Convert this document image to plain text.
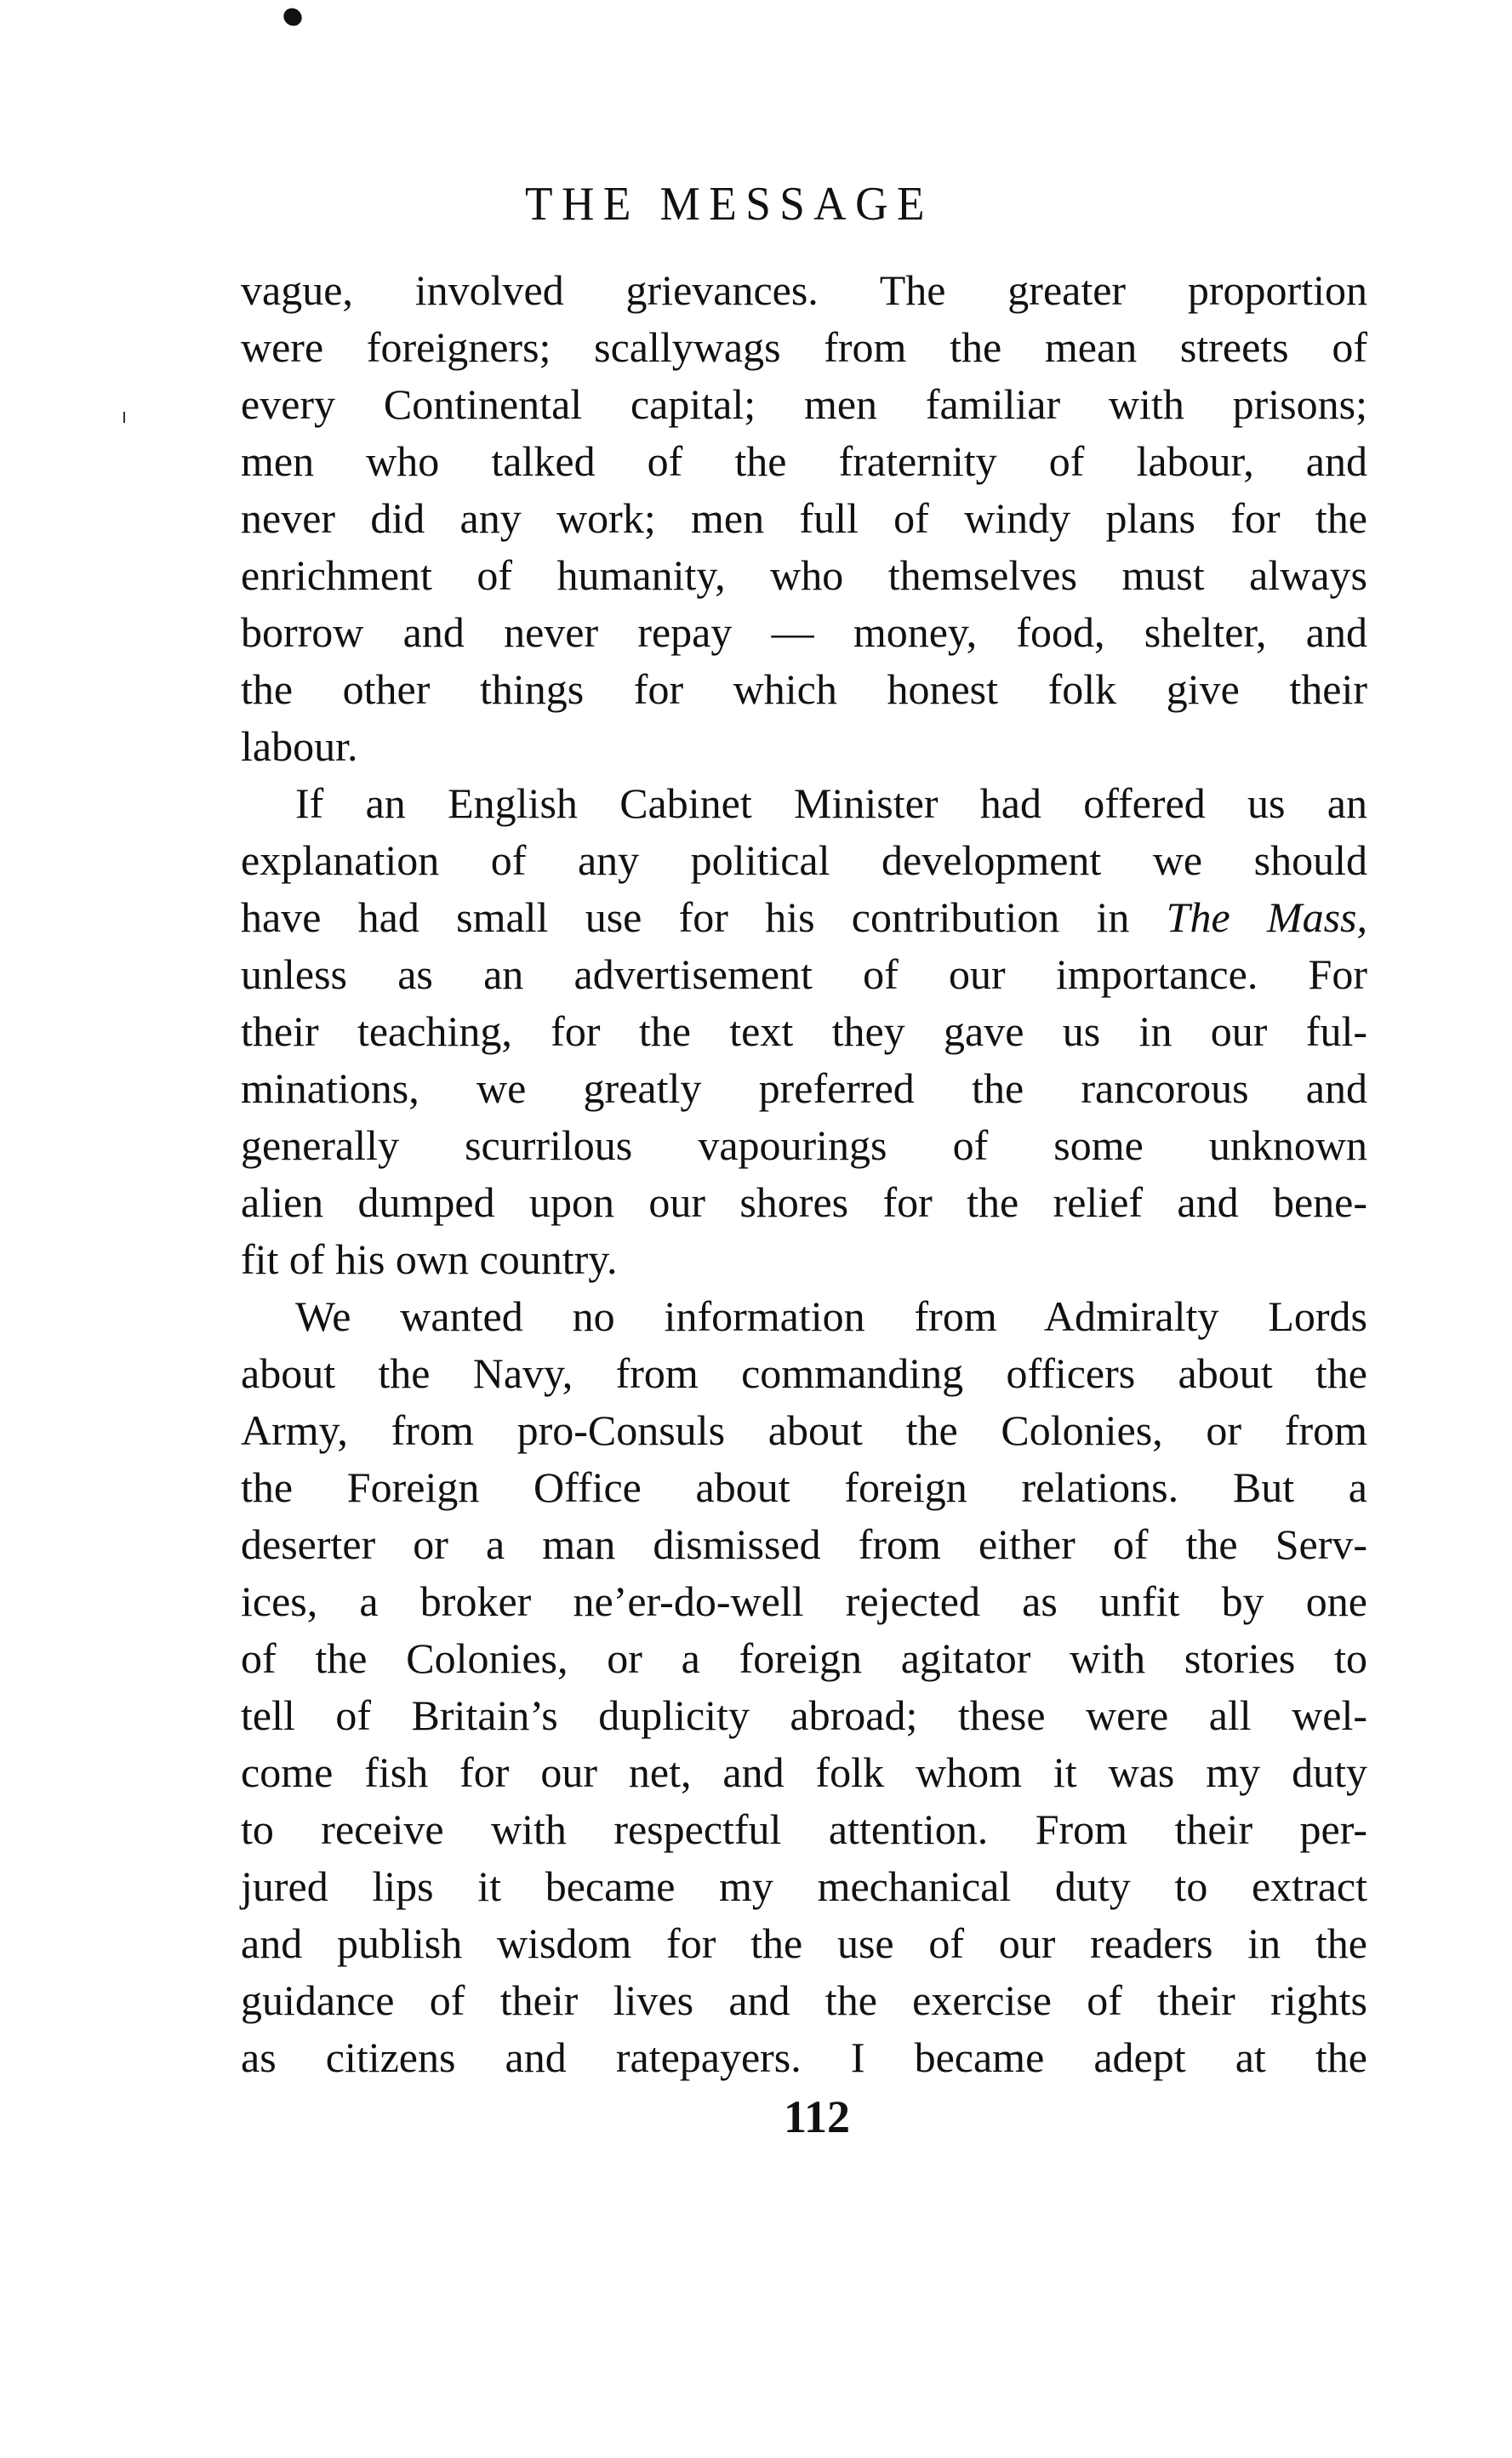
THE MESSAGE
vague, involved grievances. The greater proportion
were foreigners; scallywags from the mean streets of
every Continental capital; men familiar with prisons;
men who talked of the fraternity of labour, and
never did any work; men full of windy plans for the
enrichment of humanity, who themselves must always
borrow and never repay — money, food, shelter, and
the other things for which honest folk give their
labour.
If an English Cabinet Minister had offered us an
explanation of any political development we should
have had small use for his contribution in The Mass,
unless as an advertisement of our importance. For
their teaching, for the text they gave us in our ful-
minations, we greatly preferred the rancorous and
generally scurrilous vapourings of some unknown
alien dumped upon our shores for the relief and bene-
fit of his own country.
We wanted no information from Admiralty Lords
about the Navy, from commanding officers about the
Army, from pro-Consuls about the Colonies, or from
the Foreign Office about foreign relations. But a
deserter or a man dismissed from either of the Serv-
ices, a broker ne’er-do-well rejected as unfit by one
of the Colonies, or a foreign agitator with stories to
tell of Britain’s duplicity abroad; these were all wel-
come fish for our net, and folk whom it was my duty
to receive with respectful attention. From their per-
jured lips it became my mechanical duty to extract
and publish wisdom for the use of our readers in the
guidance of their lives and the exercise of their rights
as citizens and ratepayers. I became adept at the
112
